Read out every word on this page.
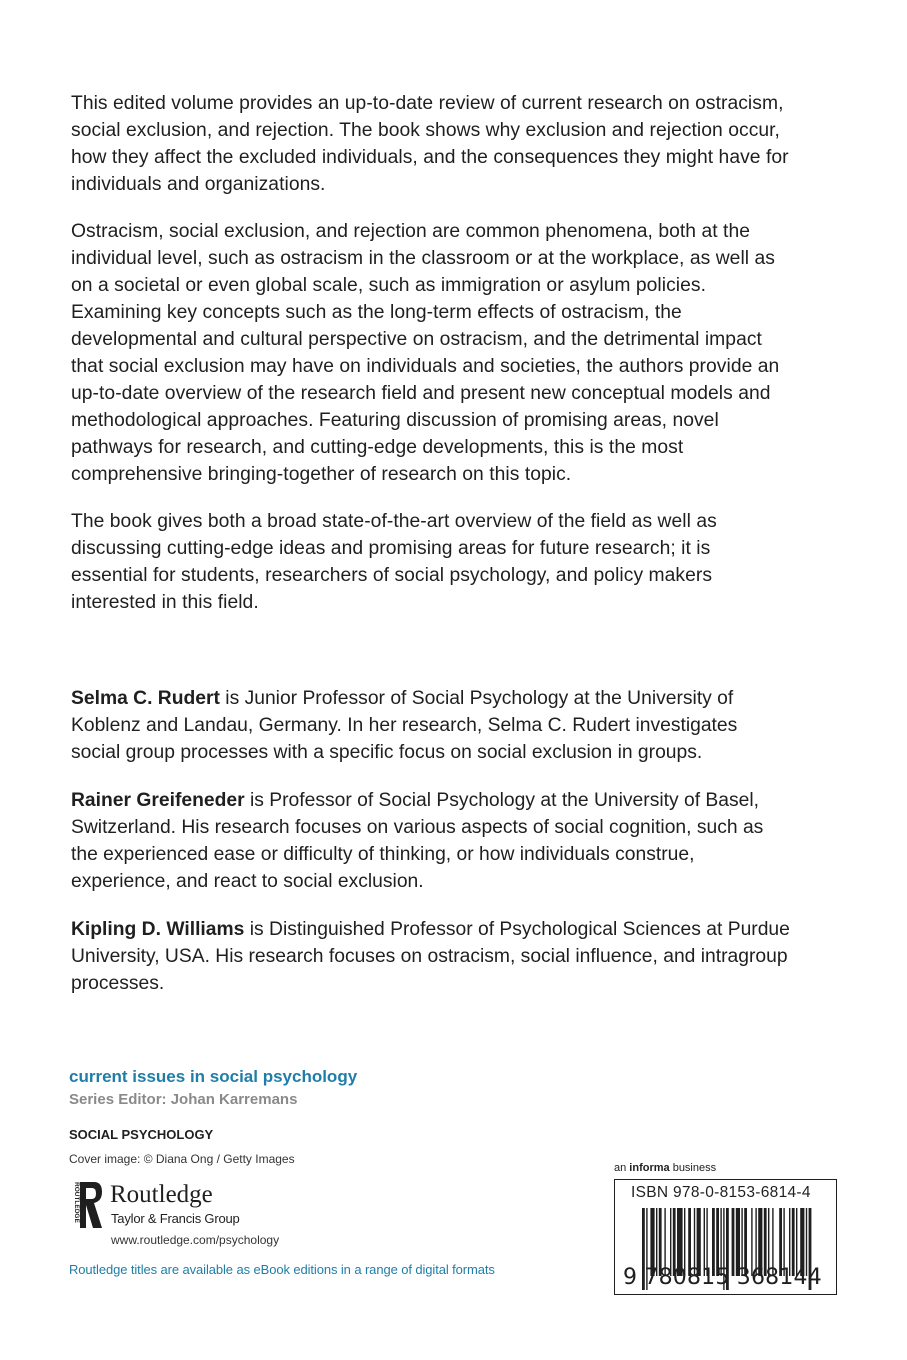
This edited volume provides an up-to-date review of current research on ostracism, social exclusion, and rejection. The book shows why exclusion and rejection occur, how they affect the excluded individuals, and the consequences they might have for individuals and organizations.

Ostracism, social exclusion, and rejection are common phenomena, both at the individual level, such as ostracism in the classroom or at the workplace, as well as on a societal or even global scale, such as immigration or asylum policies. Examining key concepts such as the long-term effects of ostracism, the developmental and cultural perspective on ostracism, and the detrimental impact that social exclusion may have on individuals and societies, the authors provide an up-to-date overview of the research field and present new conceptual models and methodological approaches. Featuring discussion of promising areas, novel pathways for research, and cutting-edge developments, this is the most comprehensive bringing-together of research on this topic.

The book gives both a broad state-of-the-art overview of the field as well as discussing cutting-edge ideas and promising areas for future research; it is essential for students, researchers of social psychology, and policy makers interested in this field.

Selma C. Rudert is Junior Professor of Social Psychology at the University of Koblenz and Landau, Germany. In her research, Selma C. Rudert investigates social group processes with a specific focus on social exclusion in groups.

Rainer Greifeneder is Professor of Social Psychology at the University of Basel, Switzerland. His research focuses on various aspects of social cognition, such as the experienced ease or difficulty of thinking, or how individuals construe, experience, and react to social exclusion.

Kipling D. Williams is Distinguished Professor of Psychological Sciences at Purdue University, USA. His research focuses on ostracism, social influence, and intragroup processes.

current issues in social psychology
Series Editor: Johan Karremans
SOCIAL PSYCHOLOGY
Cover image: © Diana Ong / Getty Images
ROUTLEDGE Routledge
Taylor & Francis Group
www.routledge.com/psychology
Routledge titles are available as eBook editions in a range of digital formats
an informa business
ISBN 978-0-8153-6814-4
9 780815 368144
